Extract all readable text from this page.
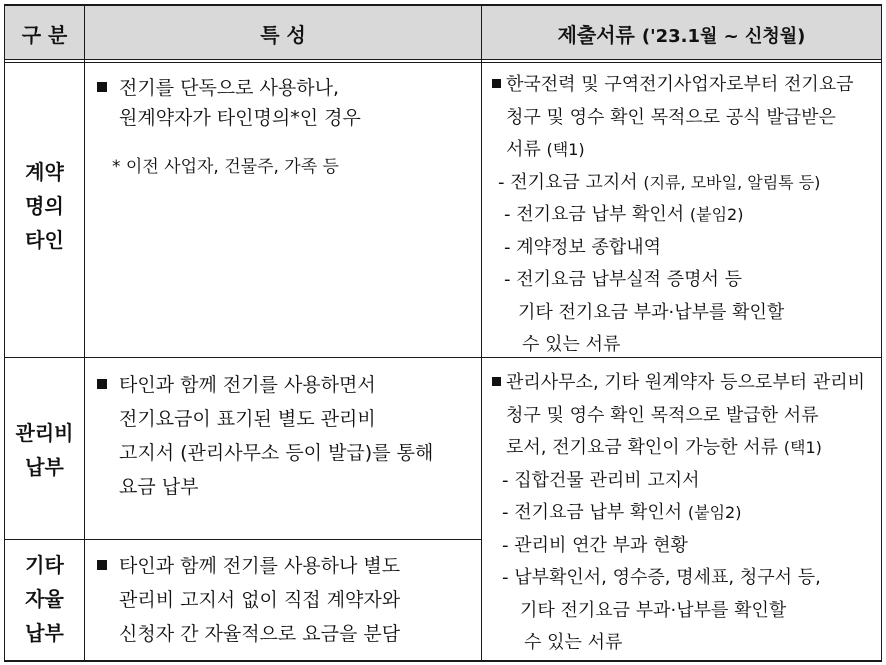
구 분	특 성	제출서류 ('23.1월 ~ 신청월)
계약
명의
타인
전기를 단독으로 사용하나,
원계약자가 타인명의*인 경우
* 이전 사업자, 건물주, 가족 등
한국전력 및 구역전기사업자로부터 전기요금
청구 및 영수 확인 목적으로 공식 발급받은
서류 (택1)
- 전기요금 고지서 (지류, 모바일, 알림톡 등)
- 전기요금 납부 확인서 (붙임2)
- 계약정보 종합내역
- 전기요금 납부실적 증명서 등
기타 전기요금 부과·납부를 확인할
수 있는 서류
관리비
납부
타인과 함께 전기를 사용하면서
전기요금이 표기된 별도 관리비
고지서 (관리사무소 등이 발급)를 통해
요금 납부
기타
자율
납부
타인과 함께 전기를 사용하나 별도
관리비 고지서 없이 직접 계약자와
신청자 간 자율적으로 요금을 분담
관리사무소, 기타 원계약자 등으로부터 관리비
청구 및 영수 확인 목적으로 발급한 서류
로서, 전기요금 확인이 가능한 서류 (택1)
- 집합건물 관리비 고지서
- 전기요금 납부 확인서 (붙임2)
- 관리비 연간 부과 현황
- 납부확인서, 영수증, 명세표, 청구서 등,
기타 전기요금 부과·납부를 확인할
수 있는 서류
